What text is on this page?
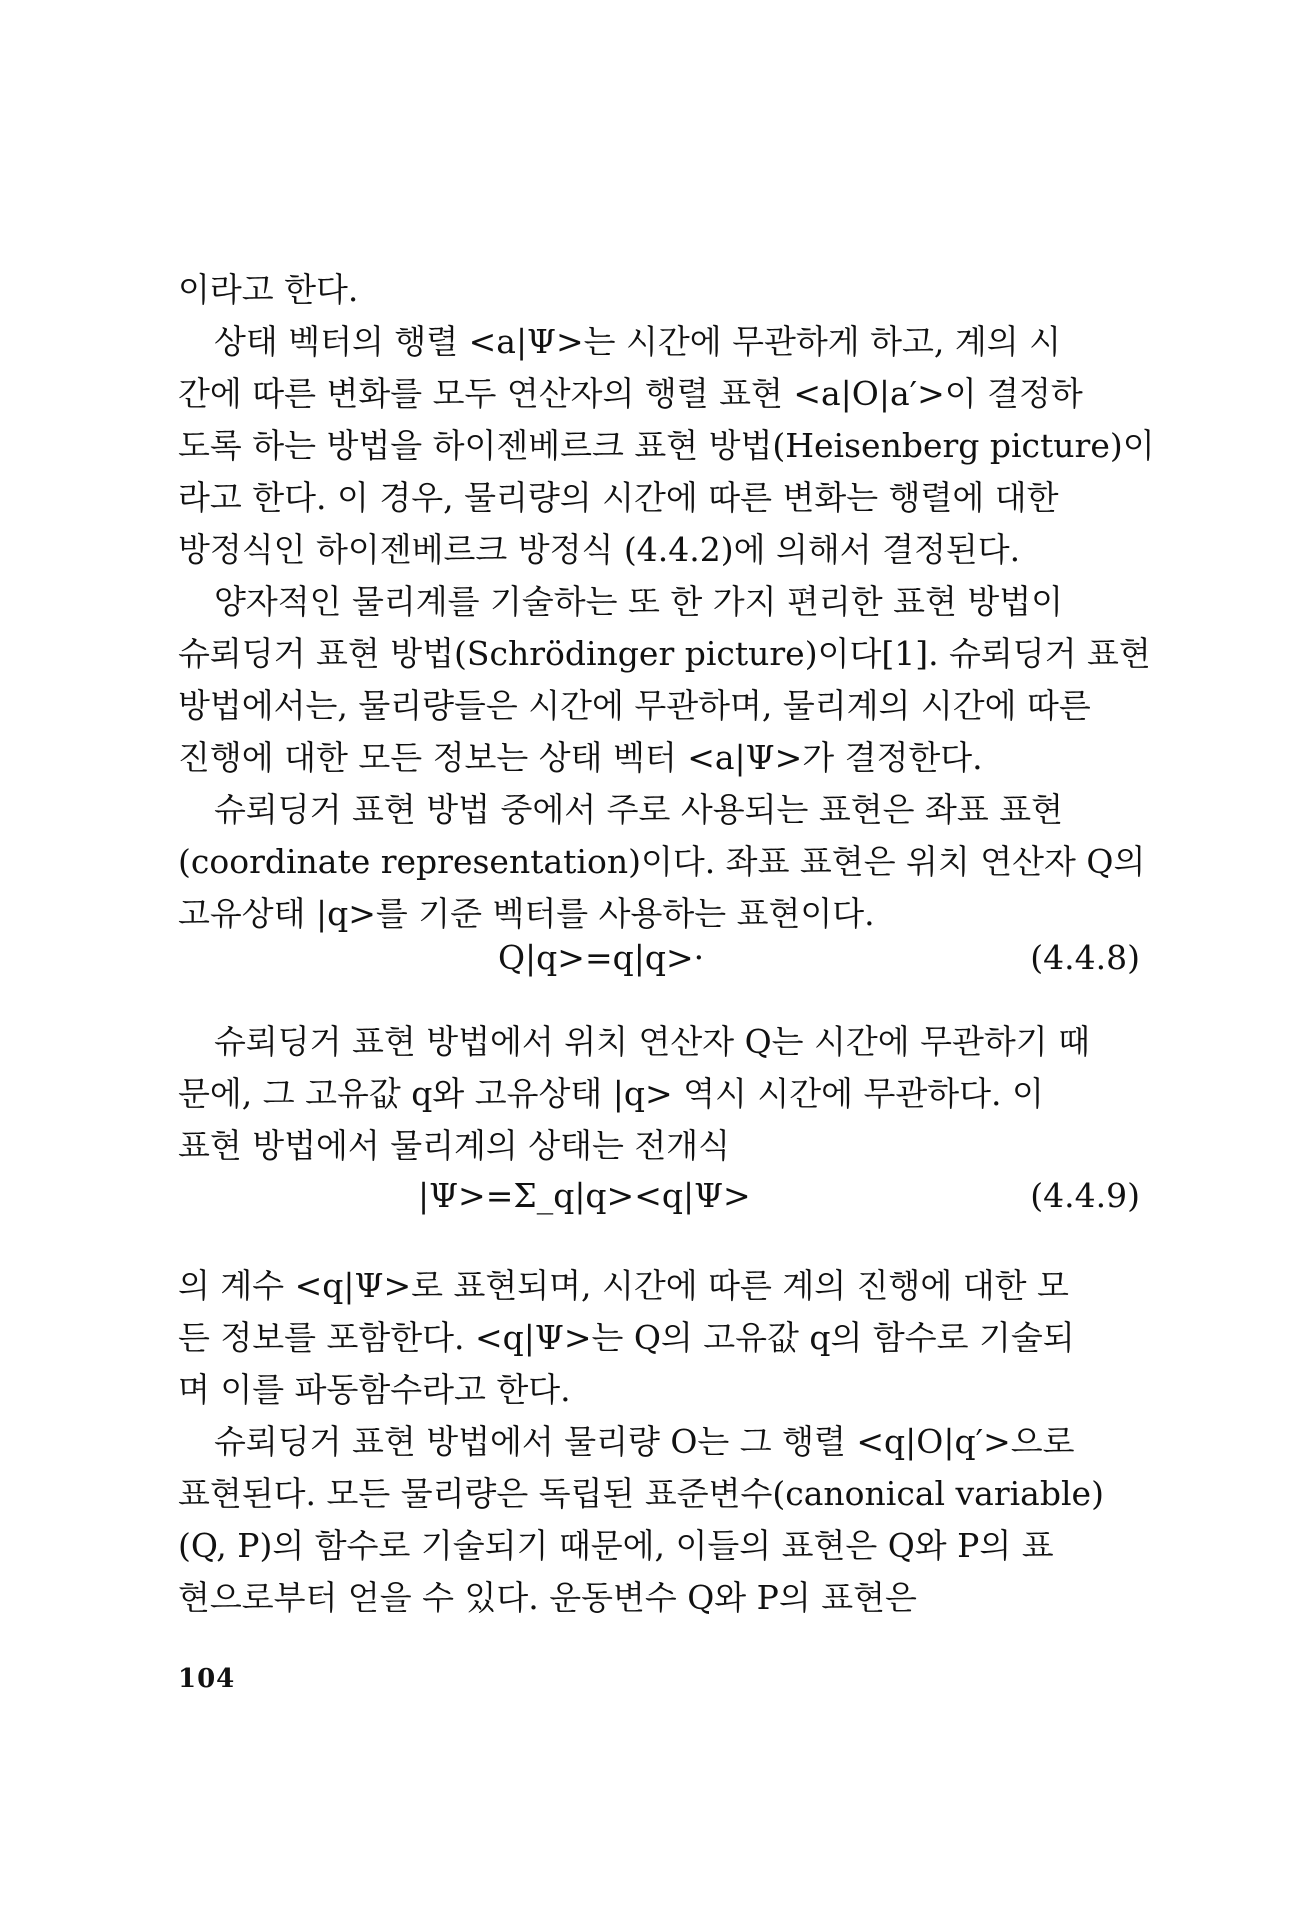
이라고 한다.

상태 벡터의 행렬 <a|Ψ>는 시간에 무관하게 하고, 계의 시
간에 따른 변화를 모두 연산자의 행렬 표현 <a|O|a′>이 결정하
도록 하는 방법을 하이젠베르크 표현 방법(Heisenberg picture)이
라고 한다. 이 경우, 물리량의 시간에 따른 변화는 행렬에 대한
방정식인 하이젠베르크 방정식 (4.4.2)에 의해서 결정된다.

양자적인 물리계를 기술하는 또 한 가지 편리한 표현 방법이
슈뢰딩거 표현 방법(Schrödinger picture)이다[1]. 슈뢰딩거 표현
방법에서는, 물리량들은 시간에 무관하며, 물리계의 시간에 따른
진행에 대한 모든 정보는 상태 벡터 <a|Ψ>가 결정한다.

슈뢰딩거 표현 방법 중에서 주로 사용되는 표현은 좌표 표현
(coordinate representation)이다. 좌표 표현은 위치 연산자 Q의
고유상태 |q>를 기준 벡터를 사용하는 표현이다.

Q|q>=q|q>·	(4.4.8)

슈뢰딩거 표현 방법에서 위치 연산자 Q는 시간에 무관하기 때
문에, 그 고유값 q와 고유상태 |q> 역시 시간에 무관하다. 이
표현 방법에서 물리계의 상태는 전개식

|Ψ>=Σ_q|q><q|Ψ>	(4.4.9)

의 계수 <q|Ψ>로 표현되며, 시간에 따른 계의 진행에 대한 모
든 정보를 포함한다. <q|Ψ>는 Q의 고유값 q의 함수로 기술되
며 이를 파동함수라고 한다.

슈뢰딩거 표현 방법에서 물리량 O는 그 행렬 <q|O|q′>으로
표현된다. 모든 물리량은 독립된 표준변수(canonical variable)
(Q, P)의 함수로 기술되기 때문에, 이들의 표현은 Q와 P의 표
현으로부터 얻을 수 있다. 운동변수 Q와 P의 표현은

104
